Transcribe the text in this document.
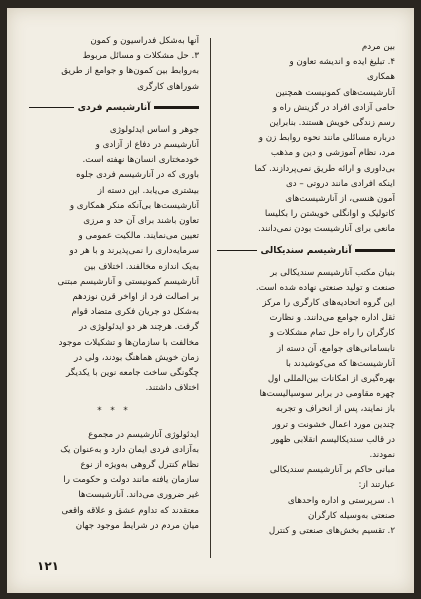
بین مردم
۴. تبلیغ ایده و اندیشه تعاون و
همکاری
آنارشیست‌های کمونیست همچنین
حامی آزادی افراد در گزینش راه و
رسم زندگی خویش هستند. بنابراین
درباره مسائلی مانند نحوه روابط زن و
مرد، نظام آموزشی و دین و مذهب
بی‌داوری و ارائه طریق نمی‌پردازند. کما
اینکه افرادی مانند دروتی – دی
آمون هنسی، از آنارشیست‌های
کاتولیک و اوانگلی خویشتن را بکلیسا
مانعی برای آنارشیست بودن نمی‌دانند.
آنارشیسم سندیکالی
بنیان مکتب آنارشیسم سندیکالی بر
صنعت و تولید صنعتی نهاده شده است.
این گروه اتحادیه‌های کارگری را مرکز
ثقل اداره جوامع می‌دانند. و نظارت
کارگران را راه حل تمام مشکلات و
نابسامانی‌های جوامع، آن دسته از
آنارشیست‌ها که می‌کوشیدند با
بهره‌گیری از امکانات بین‌المللی اول
چهره مقاومی در برابر سوسیالیست‌ها
باز نمایند، پس از انحراف و تجربه
چندین مورد اعمال خشونت و ترور
در قالب سندیکالیسم انقلابی ظهور
نمودند.
مبانی حاکم بر آنارشیسم سندیکالی
عبارتند از:
۱. سرپرستی و اداره واحدهای
صنعتی به‌وسیله کارگران
۲. تقسیم بخش‌های صنعتی و کنترل
آنها به‌شکل فدراسیون و کمون
۳. حل مشکلات و مسائل مربوط
به‌روابط بین کمون‌ها و جوامع از طریق
شوراهای کارگری
آنارشیسم فردی
جوهر و اساس ایدئولوژی
آنارشیسم در دفاع از آزادی و
خودمختاری انسان‌ها نهفته است.
باوری که در آنارشیسم فردی جلوه
بیشتری می‌یابد. این دسته از
آنارشیست‌ها بی‌آنکه منکر همکاری و
تعاون باشند برای آن حد و مرزی
تعیین می‌نمایند. مالکیت عمومی و
سرمایه‌داری را نمی‌پذیرند و با هر دو
به‌یک اندازه مخالفند. اختلاف بین
آنارشیسم کمونیستی و آنارشیسم مبتنی
بر اصالت فرد از اواخر قرن نوزدهم
به‌شکل دو جریان فکری متضاد قوام
گرفت. هرچند هر دو ایدئولوژی در
مخالفت با سازمان‌ها و تشکیلات موجود
زمان خویش هماهنگ بودند، ولی در
چگونگی ساخت جامعه نوین با یکدیگر
اختلاف داشتند.
* * *
ایدئولوژی آنارشیسم در مجموع
به‌آزادی فردی ایمان دارد و به‌عنوان یک
نظام کنترل گروهی به‌ویژه از نوع
سازمان یافته مانند دولت و حکومت را
غیر ضروری می‌داند. آنارشیست‌ها
معتقدند که تداوم عشق و علاقه واقعی
میان مردم در شرایط موجود جهان
۱۲۱
